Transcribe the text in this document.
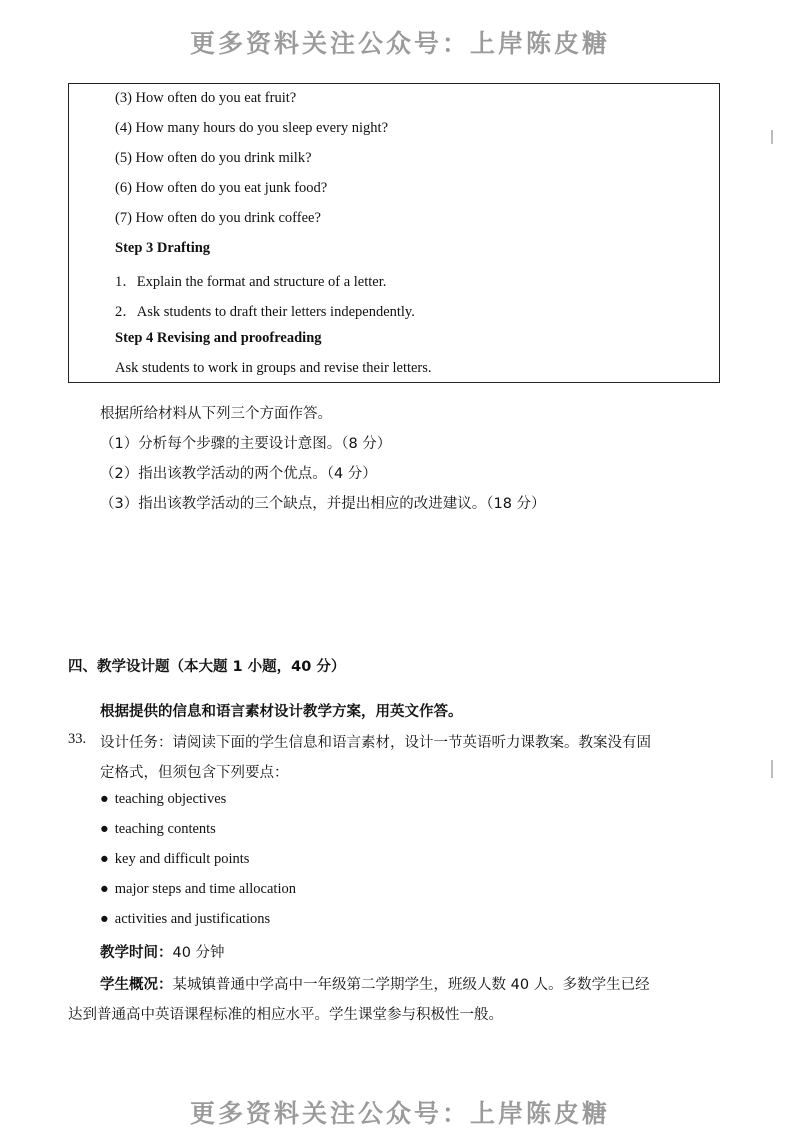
更多资料关注公众号：上岸陈皮糖
(3) How often do you eat fruit?
(4) How many hours do you sleep every night?
(5) How often do you drink milk?
(6) How often do you eat junk food?
(7) How often do you drink coffee?
Step 3 Drafting
1．Explain the format and structure of a letter.
2．Ask students to draft their letters independently.
Step 4 Revising and proofreading
Ask students to work in groups and revise their letters.
根据所给材料从下列三个方面作答。
（1）分析每个步骤的主要设计意图。（8 分）
（2）指出该教学活动的两个优点。（4 分）
（3）指出该教学活动的三个缺点，并提出相应的改进建议。（18 分）
四、教学设计题（本大题 1 小题，40 分）
根据提供的信息和语言素材设计教学方案，用英文作答。
33. 设计任务：请阅读下面的学生信息和语言素材，设计一节英语听力课教案。教案没有固
定格式，但须包含下列要点：
● teaching objectives
● teaching contents
● key and difficult points
● major steps and time allocation
● activities and justifications
教学时间：40 分钟
学生概况：某城镇普通中学高中一年级第二学期学生，班级人数 40 人。多数学生已经
达到普通高中英语课程标准的相应水平。学生课堂参与积极性一般。
更多资料关注公众号：上岸陈皮糖
